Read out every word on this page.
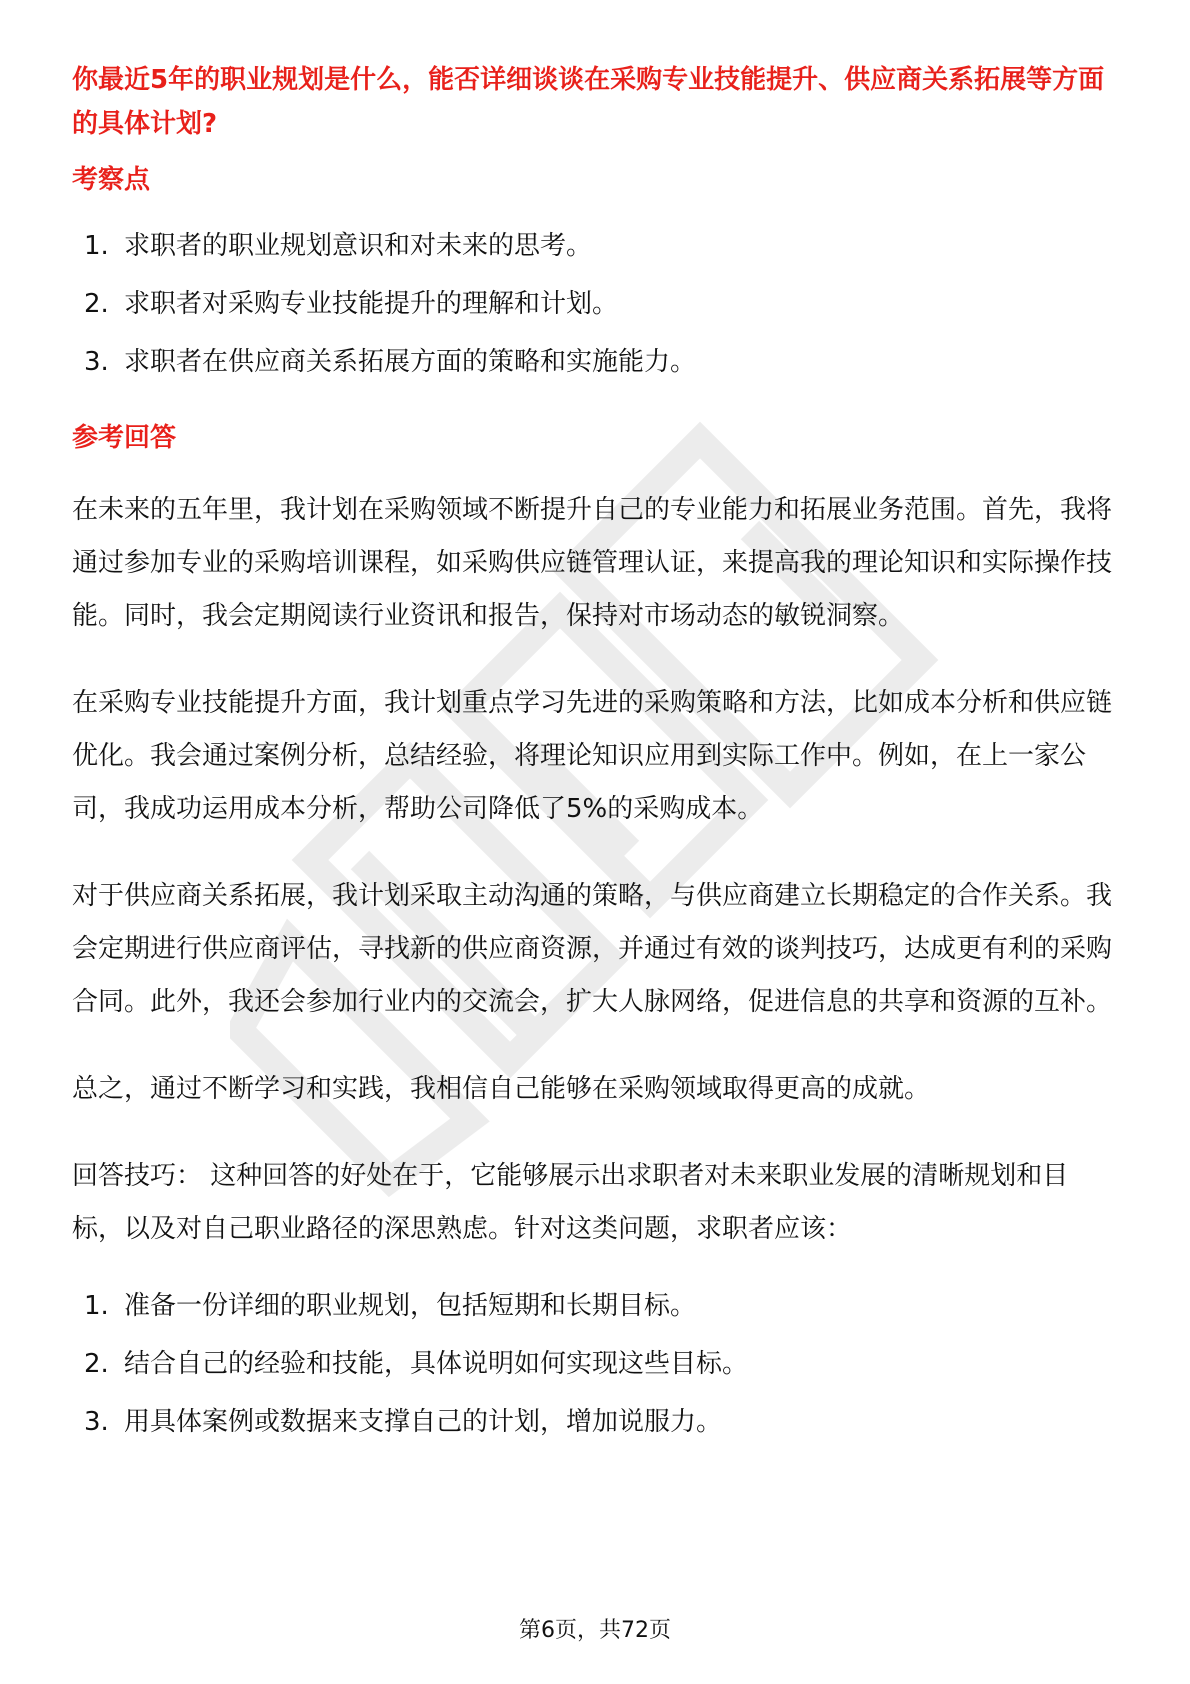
你最近5年的职业规划是什么，能否详细谈谈在采购专业技能提升、供应商关系拓展等方面的具体计划?
考察点
1. 求职者的职业规划意识和对未来的思考。
2. 求职者对采购专业技能提升的理解和计划。
3. 求职者在供应商关系拓展方面的策略和实施能力。
参考回答

在未来的五年里，我计划在采购领域不断提升自己的专业能力和拓展业务范围。首先，我将通过参加专业的采购培训课程，如采购供应链管理认证，来提高我的理论知识和实际操作技能。同时，我会定期阅读行业资讯和报告，保持对市场动态的敏锐洞察。

在采购专业技能提升方面，我计划重点学习先进的采购策略和方法，比如成本分析和供应链优化。我会通过案例分析，总结经验，将理论知识应用到实际工作中。例如，在上一家公司，我成功运用成本分析，帮助公司降低了5%的采购成本。

对于供应商关系拓展，我计划采取主动沟通的策略，与供应商建立长期稳定的合作关系。我会定期进行供应商评估，寻找新的供应商资源，并通过有效的谈判技巧，达成更有利的采购合同。此外，我还会参加行业内的交流会，扩大人脉网络，促进信息的共享和资源的互补。

总之，通过不断学习和实践，我相信自己能够在采购领域取得更高的成就。

回答技巧： 这种回答的好处在于，它能够展示出求职者对未来职业发展的清晰规划和目标，以及对自己职业路径的深思熟虑。针对这类问题，求职者应该：

1. 准备一份详细的职业规划，包括短期和长期目标。
2. 结合自己的经验和技能，具体说明如何实现这些目标。
3. 用具体案例或数据来支撑自己的计划，增加说服力。
第6页，共72页
